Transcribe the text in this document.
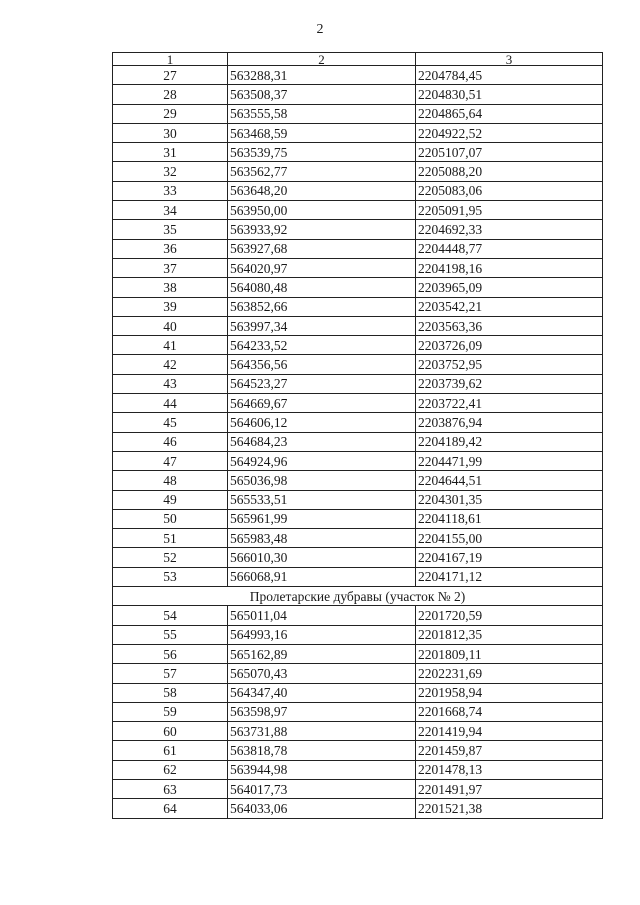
2
1	2	3
27	563288,31	2204784,45
28	563508,37	2204830,51
29	563555,58	2204865,64
30	563468,59	2204922,52
31	563539,75	2205107,07
32	563562,77	2205088,20
33	563648,20	2205083,06
34	563950,00	2205091,95
35	563933,92	2204692,33
36	563927,68	2204448,77
37	564020,97	2204198,16
38	564080,48	2203965,09
39	563852,66	2203542,21
40	563997,34	2203563,36
41	564233,52	2203726,09
42	564356,56	2203752,95
43	564523,27	2203739,62
44	564669,67	2203722,41
45	564606,12	2203876,94
46	564684,23	2204189,42
47	564924,96	2204471,99
48	565036,98	2204644,51
49	565533,51	2204301,35
50	565961,99	2204118,61
51	565983,48	2204155,00
52	566010,30	2204167,19
53	566068,91	2204171,12
Пролетарские дубравы (участок № 2)		
54	565011,04	2201720,59
55	564993,16	2201812,35
56	565162,89	2201809,11
57	565070,43	2202231,69
58	564347,40	2201958,94
59	563598,97	2201668,74
60	563731,88	2201419,94
61	563818,78	2201459,87
62	563944,98	2201478,13
63	564017,73	2201491,97
64	564033,06	2201521,38
